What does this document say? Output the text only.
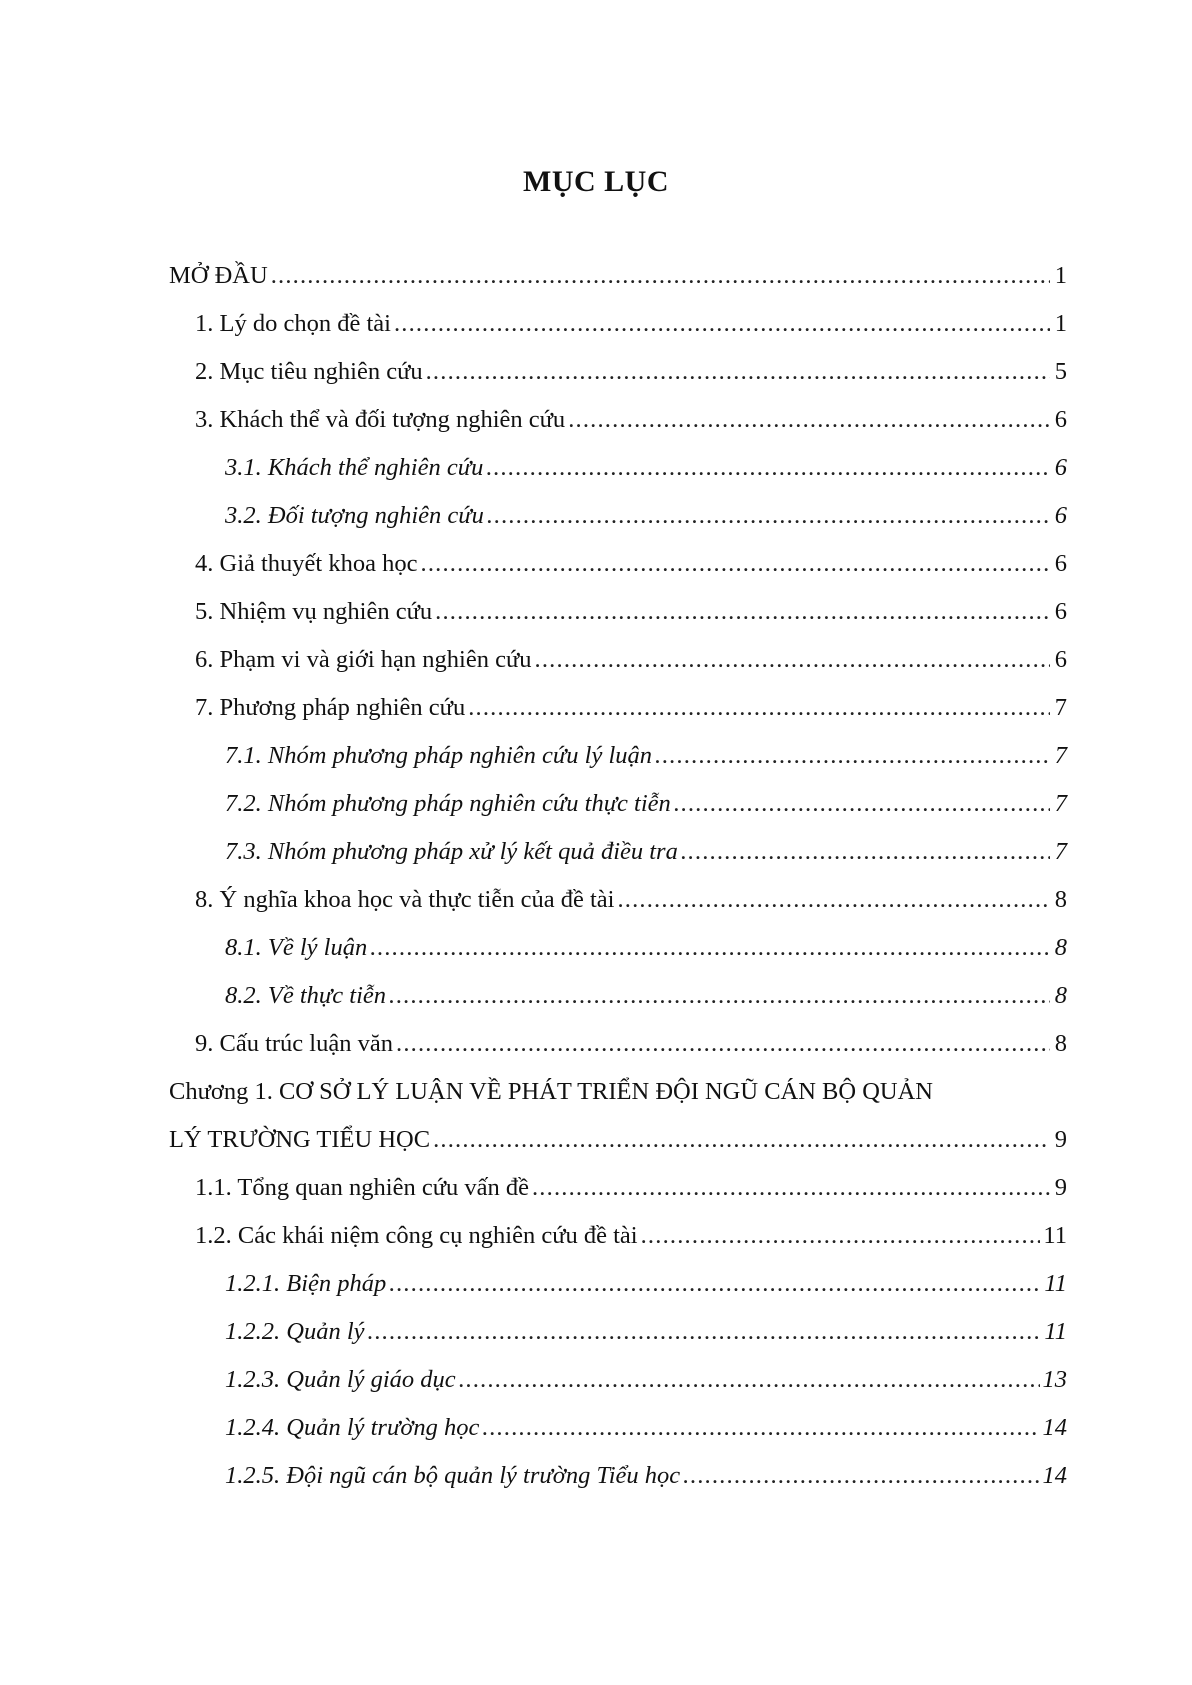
MỤC LỤC
MỞ ĐẦU .....	1
1. Lý do chọn đề tài .....	1
2. Mục tiêu nghiên cứu .....	5
3. Khách thể và đối tượng nghiên cứu .....	6
3.1. Khách thể nghiên cứu .....	6
3.2. Đối tượng nghiên cứu .....	6
4. Giả thuyết khoa học .....	6
5. Nhiệm vụ nghiên cứu .....	6
6. Phạm vi và giới hạn nghiên cứu .....	6
7. Phương pháp nghiên cứu .....	7
7.1. Nhóm phương pháp nghiên cứu lý luận .....	7
7.2. Nhóm phương pháp nghiên cứu thực tiễn .....	7
7.3. Nhóm phương pháp xử lý kết quả điều tra .....	7
8. Ý nghĩa khoa học và thực tiễn của đề tài .....	8
8.1. Về lý luận .....	8
8.2. Về thực tiễn .....	8
9. Cấu trúc luận văn .....	8
Chương 1. CƠ SỞ LÝ LUẬN VỀ PHÁT TRIỂN ĐỘI NGŨ CÁN BỘ QUẢN
LÝ TRƯỜNG TIỂU HỌC .....	9
1.1. Tổng quan nghiên cứu vấn đề .....	9
1.2. Các khái niệm công cụ nghiên cứu đề tài .....	11
1.2.1. Biện pháp .....	11
1.2.2. Quản lý .....	11
1.2.3. Quản lý giáo dục .....	13
1.2.4. Quản lý trường học .....	14
1.2.5. Đội ngũ cán bộ quản lý trường Tiểu học .....	14
